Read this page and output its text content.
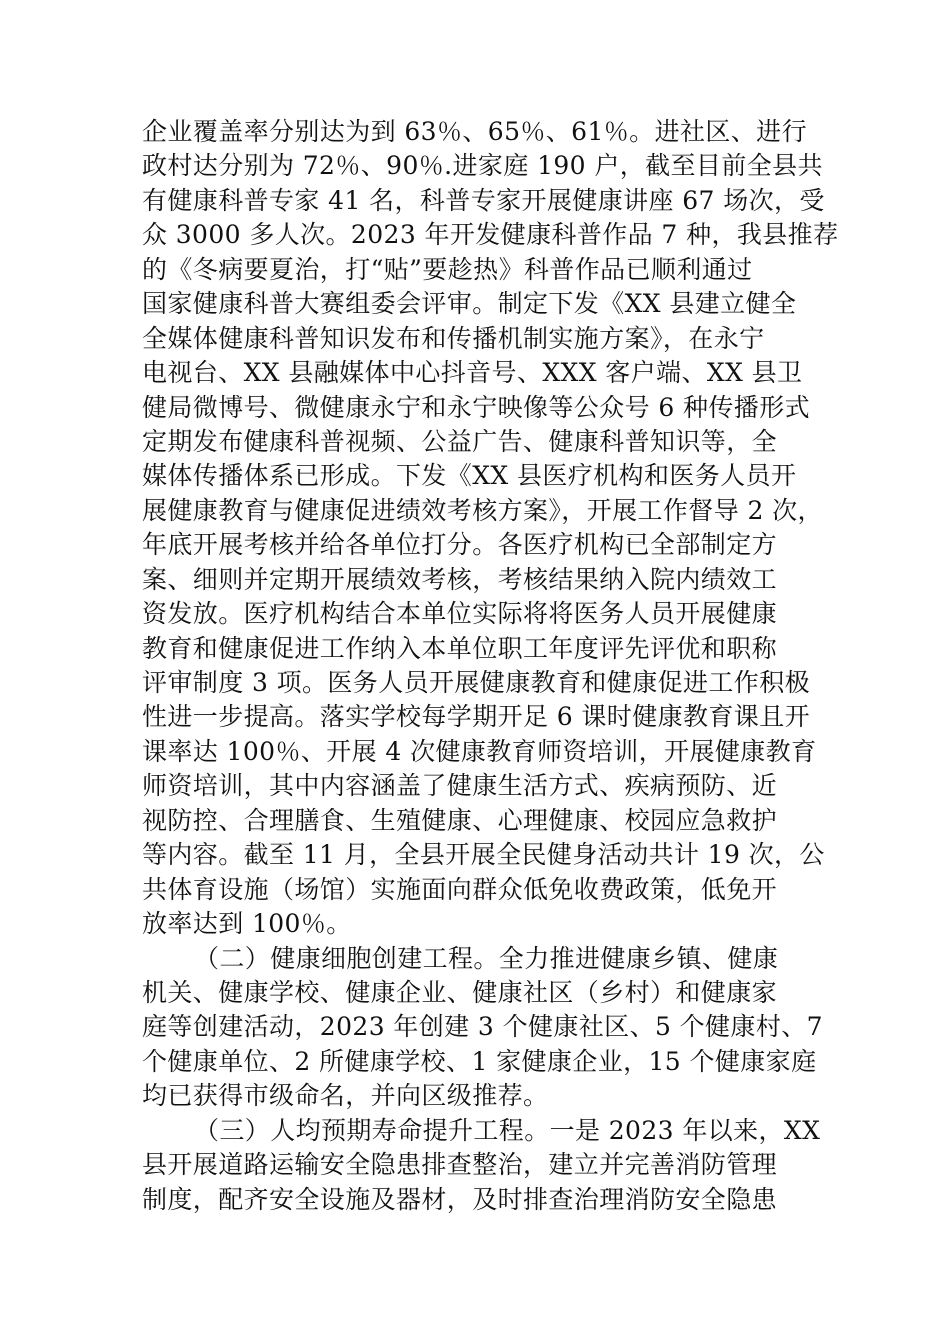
企业覆盖率分别达为到 63％、65％、61％。进社区、进行
政村达分别为 72％、90％.进家庭 190 户，截至目前全县共
有健康科普专家 41 名，科普专家开展健康讲座 67 场次，受
众 3000 多人次。2023 年开发健康科普作品 7 种，我县推荐
的《冬病要夏治，打“贴”要趁热》科普作品已顺利通过
国家健康科普大赛组委会评审。制定下发《XX 县建立健全
全媒体健康科普知识发布和传播机制实施方案》，在永宁
电视台、XX 县融媒体中心抖音号、XXX 客户端、XX 县卫
健局微博号、微健康永宁和永宁映像等公众号 6 种传播形式
定期发布健康科普视频、公益广告、健康科普知识等，全
媒体传播体系已形成。下发《XX 县医疗机构和医务人员开
展健康教育与健康促进绩效考核方案》，开展工作督导 2 次，
年底开展考核并给各单位打分。各医疗机构已全部制定方
案、细则并定期开展绩效考核，考核结果纳入院内绩效工
资发放。医疗机构结合本单位实际将将医务人员开展健康
教育和健康促进工作纳入本单位职工年度评先评优和职称
评审制度 3 项。医务人员开展健康教育和健康促进工作积极
性进一步提高。落实学校每学期开足 6 课时健康教育课且开
课率达 100％、开展 4 次健康教育师资培训，开展健康教育
师资培训，其中内容涵盖了健康生活方式、疾病预防、近
视防控、合理膳食、生殖健康、心理健康、校园应急救护
等内容。截至 11 月，全县开展全民健身活动共计 19 次，公
共体育设施（场馆）实施面向群众低免收费政策，低免开
放率达到 100％。
（二）健康细胞创建工程。全力推进健康乡镇、健康
机关、健康学校、健康企业、健康社区（乡村）和健康家
庭等创建活动，2023 年创建 3 个健康社区、5 个健康村、7
个健康单位、2 所健康学校、1 家健康企业，15 个健康家庭
均已获得市级命名，并向区级推荐。
（三）人均预期寿命提升工程。一是 2023 年以来，XX
县开展道路运输安全隐患排查整治，建立并完善消防管理
制度，配齐安全设施及器材，及时排查治理消防安全隐患
